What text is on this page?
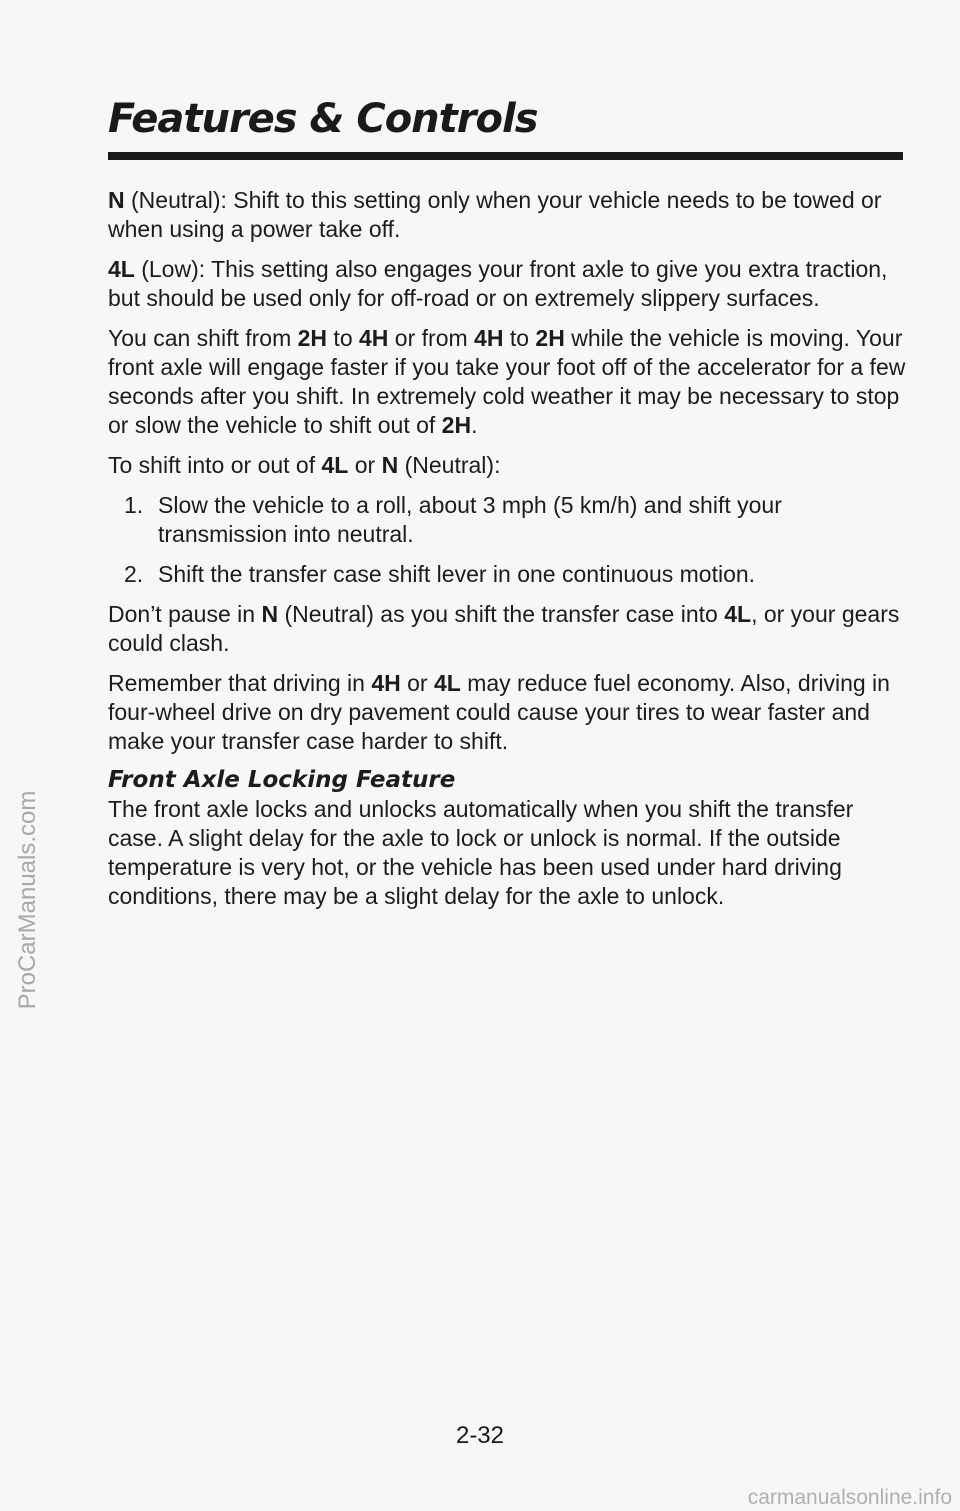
Features & Controls

N (Neutral): Shift to this setting only when your vehicle needs to be towed or when using a power take off.

4L (Low): This setting also engages your front axle to give you extra traction, but should be used only for off-road or on extremely slippery surfaces.

You can shift from 2H to 4H or from 4H to 2H while the vehicle is moving. Your front axle will engage faster if you take your foot off of the accelerator for a few seconds after you shift. In extremely cold weather it may be necessary to stop or slow the vehicle to shift out of 2H.

To shift into or out of 4L or N (Neutral):

1. Slow the vehicle to a roll, about 3 mph (5 km/h) and shift your transmission into neutral.
2. Shift the transfer case shift lever in one continuous motion.

Don’t pause in N (Neutral) as you shift the transfer case into 4L, or your gears could clash.

Remember that driving in 4H or 4L may reduce fuel economy. Also, driving in four-wheel drive on dry pavement could cause your tires to wear faster and make your transfer case harder to shift.

Front Axle Locking Feature

The front axle locks and unlocks automatically when you shift the transfer case. A slight delay for the axle to lock or unlock is normal. If the outside temperature is very hot, or the vehicle has been used under hard driving conditions, there may be a slight delay for the axle to unlock.

2-32
ProCarManuals.com
carmanualsonline.info
